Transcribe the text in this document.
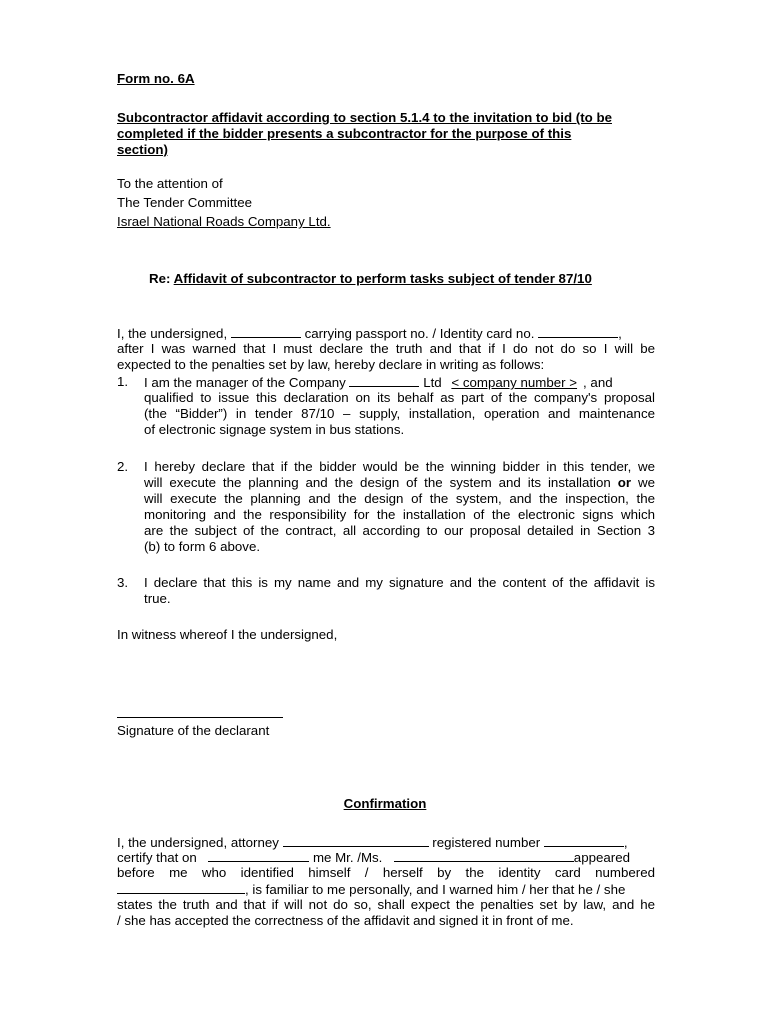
Form no. 6A
Subcontractor affidavit according to section 5.1.4 to the invitation to bid (to be
completed if the bidder presents a subcontractor for the purpose of this
section)
To the attention of
The Tender Committee
Israel National Roads Company Ltd.
Re: Affidavit of subcontractor to perform tasks subject of tender 87/10
I, the undersigned,	carrying passport no. / Identity card no.	,
after I was warned that I must declare the truth and that if I do not do so I will be
expected to the penalties set by law, hereby declare in writing as follows:
1. I am the manager of the Company	Ltd < company number > , and
qualified to issue this declaration on its behalf as part of the company's proposal
(the “Bidder”) in tender 87/10 – supply, installation, operation and maintenance
of electronic signage system in bus stations.
2. I hereby declare that if the bidder would be the winning bidder in this tender, we
will execute the planning and the design of the system and its installation or we
will execute the planning and the design of the system, and the inspection, the
monitoring and the responsibility for the installation of the electronic signs which
are the subject of the contract, all according to our proposal detailed in Section 3
(b) to form 6 above.
3. I declare that this is my name and my signature and the content of the affidavit is
true.
In witness whereof I the undersigned,
Signature of the declarant
Confirmation
I, the undersigned, attorney	registered number	,
certify that on	me Mr. /Ms.	appeared
before me who identified himself / herself by the identity card numbered
, is familiar to me personally, and I warned him / her that he / she
states the truth and that if will not do so, shall expect the penalties set by law, and he
/ she has accepted the correctness of the affidavit and signed it in front of me.
